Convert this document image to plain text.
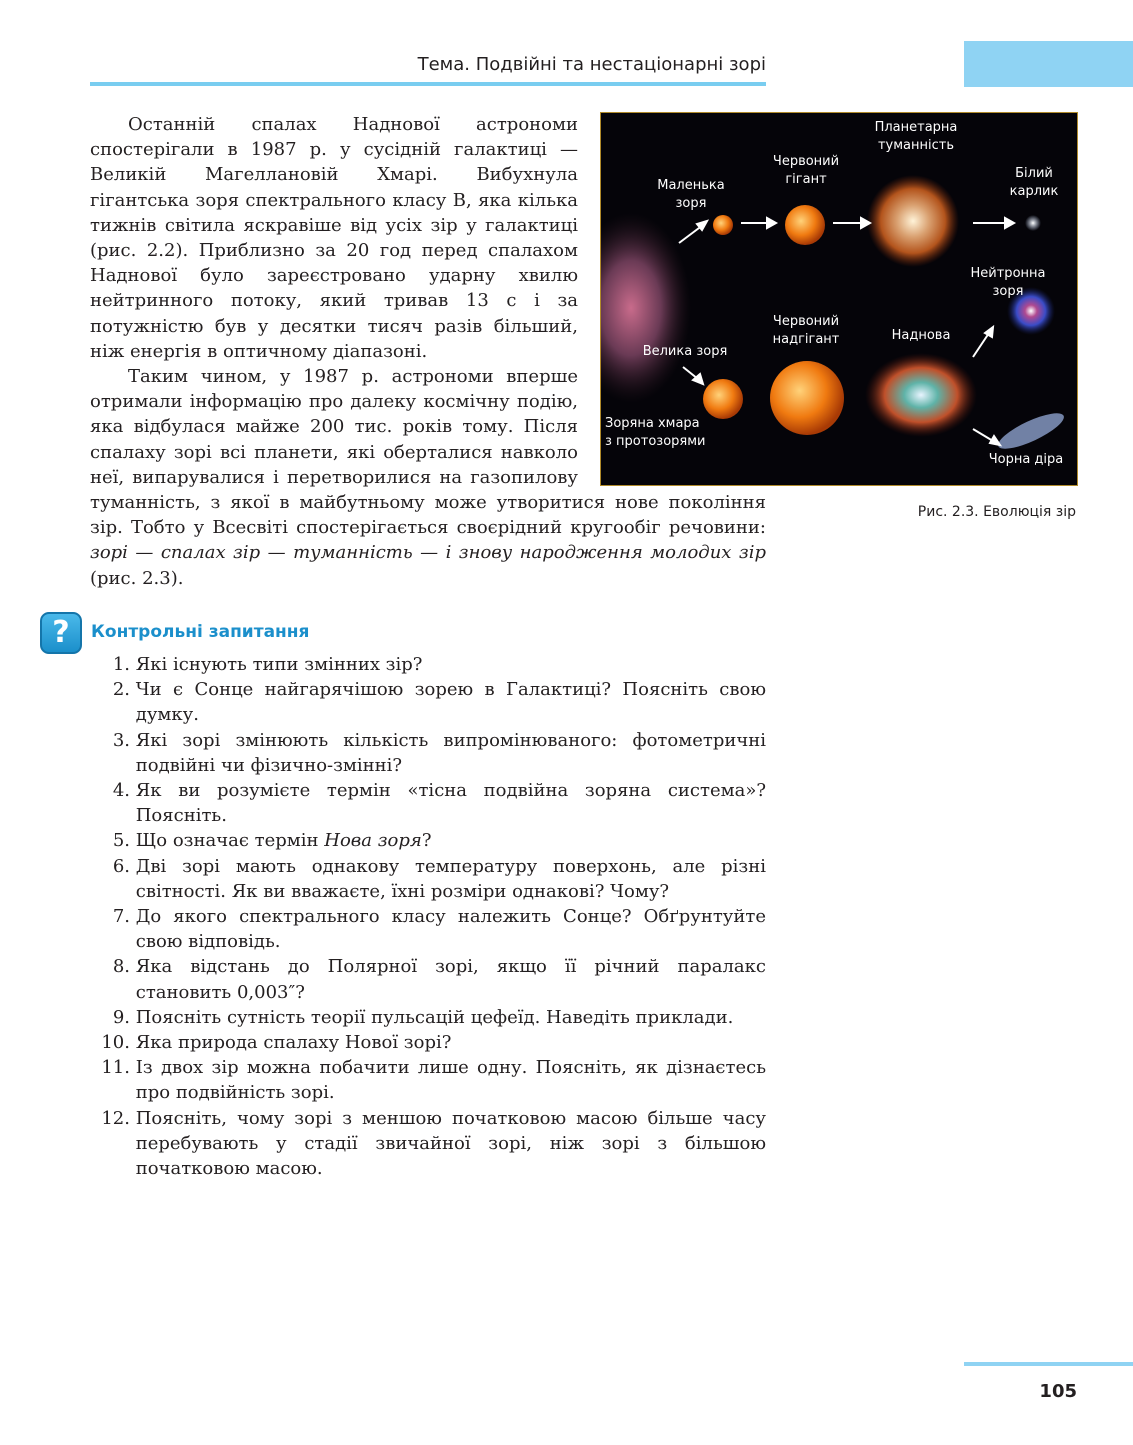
Тема. Подвійні та нестаціонарні зорі

Останній спалах Наднової астрономи спостерігали в 1987 р. у сусідній галактиці — Великій Магеллановій Хмарі. Вибухнула гігантська зоря спектрального класу B, яка кілька тижнів світила яскравіше від усіх зір у галактиці (рис. 2.2). Приблизно за 20 год перед спалахом Наднової було зареєстровано ударну хвилю нейтринного потоку, який тривав 13 с і за потужністю був у десятки тисяч разів більший, ніж енергія в оптичному діапазоні.

Таким чином, у 1987 р. астрономи вперше отримали інформацію про далеку космічну подію, яка відбулася майже 200 тис. років тому. Після спалаху зорі всі планети, які оберталися навколо неї, випарувалися і перетворилися на газопилову туманність, з якої в майбутньому може утворитися нове покоління зір. Тобто у Всесвіті спостерігається своєрідний кругообіг речовини: зорі — спалах зір — туманність — і знову народження молодих зір (рис. 2.3).

Маленька
зоря
Червоний
гігант
Планетарна
туманність
Білий
карлик
Нейтронна
зоря
Велика зоря
Червоний
надгігант	Наднова
Зоряна хмара
з протозорями
Чорна діра
Рис. 2.3. Еволюція зір
?	Контрольні запитання
1.
Які існують типи змінних зір?
2.
Чи є Сонце найгарячішою зорею в Галактиці? Поясніть свою думку.
3.
Які зорі змінюють кількість випромінюваного: фотометричні подвійні чи фізично-змінні?
4.
Як ви розумієте термін «тісна подвійна зоряна система»? Поясніть.
5.
Що означає термін Нова зоря?
6.
Дві зорі мають однакову температуру поверхонь, але різні світності. Як ви вважаєте, їхні розміри однакові? Чому?
7.
До якого спектрального класу належить Сонце? Обґрунтуйте свою відповідь.
8.
Яка відстань до Полярної зорі, якщо її річний паралакс становить 0,003″?
9.
Поясніть сутність теорії пульсацій цефеїд. Наведіть приклади.
10.
Яка природа спалаху Нової зорі?
11.
Із двох зір можна побачити лише одну. Поясніть, як дізнаєтесь про подвійність зорі.
12.
Поясніть, чому зорі з меншою початковою масою більше часу перебувають у стадії звичайної зорі, ніж зорі з більшою початковою масою.
105
